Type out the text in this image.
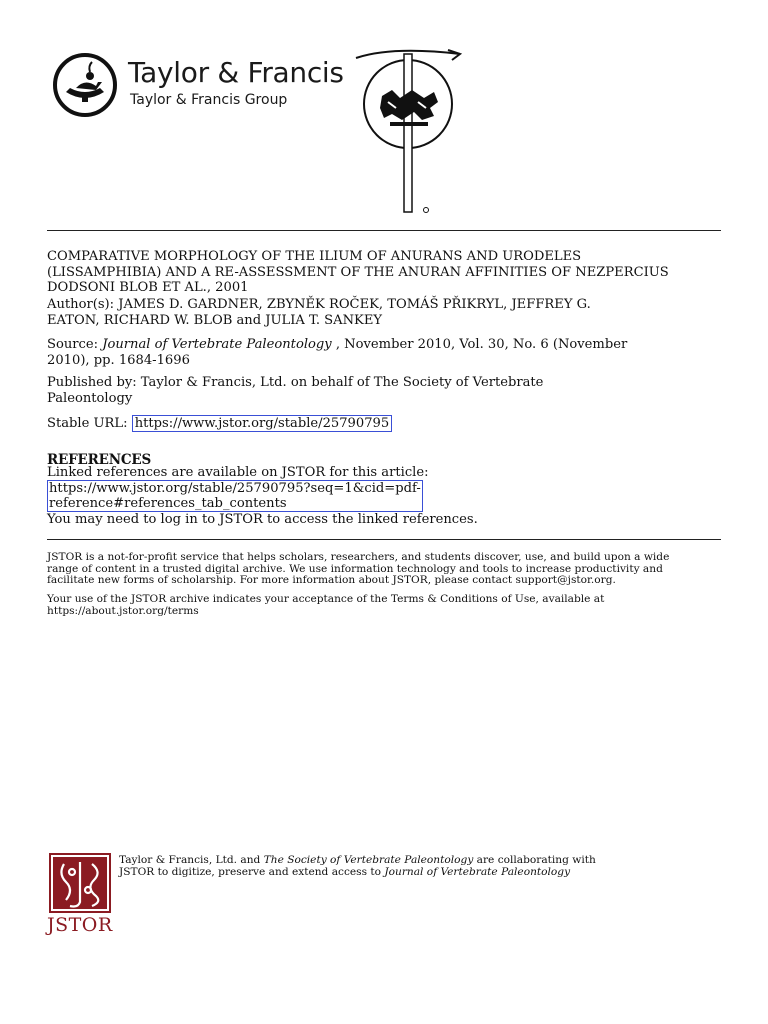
Taylor & Francis
Taylor & Francis Group
COMPARATIVE MORPHOLOGY OF THE ILIUM OF ANURANS AND URODELES
(LISSAMPHIBIA) AND A RE-ASSESSMENT OF THE ANURAN AFFINITIES OF NEZPERCIUS
DODSONI BLOB ET AL., 2001
Author(s): JAMES D. GARDNER, ZBYNĚK ROČEK, TOMÁŠ PŘIKRYL, JEFFREY G.
EATON, RICHARD W. BLOB and JULIA T. SANKEY
Source: Journal of Vertebrate Paleontology , November 2010, Vol. 30, No. 6 (November
2010), pp. 1684-1696
Published by: Taylor & Francis, Ltd. on behalf of The Society of Vertebrate
Paleontology
Stable URL: https://www.jstor.org/stable/25790795
REFERENCES
Linked references are available on JSTOR for this article:
https://www.jstor.org/stable/25790795?seq=1&cid=pdf-
reference#references_tab_contents
You may need to log in to JSTOR to access the linked references.
JSTOR is a not-for-profit service that helps scholars, researchers, and students discover, use, and build upon a wide
range of content in a trusted digital archive. We use information technology and tools to increase productivity and
facilitate new forms of scholarship. For more information about JSTOR, please contact support@jstor.org.
Your use of the JSTOR archive indicates your acceptance of the Terms & Conditions of Use, available at
https://about.jstor.org/terms
JSTOR
Taylor & Francis, Ltd. and The Society of Vertebrate Paleontology are collaborating with
JSTOR to digitize, preserve and extend access to Journal of Vertebrate Paleontology
